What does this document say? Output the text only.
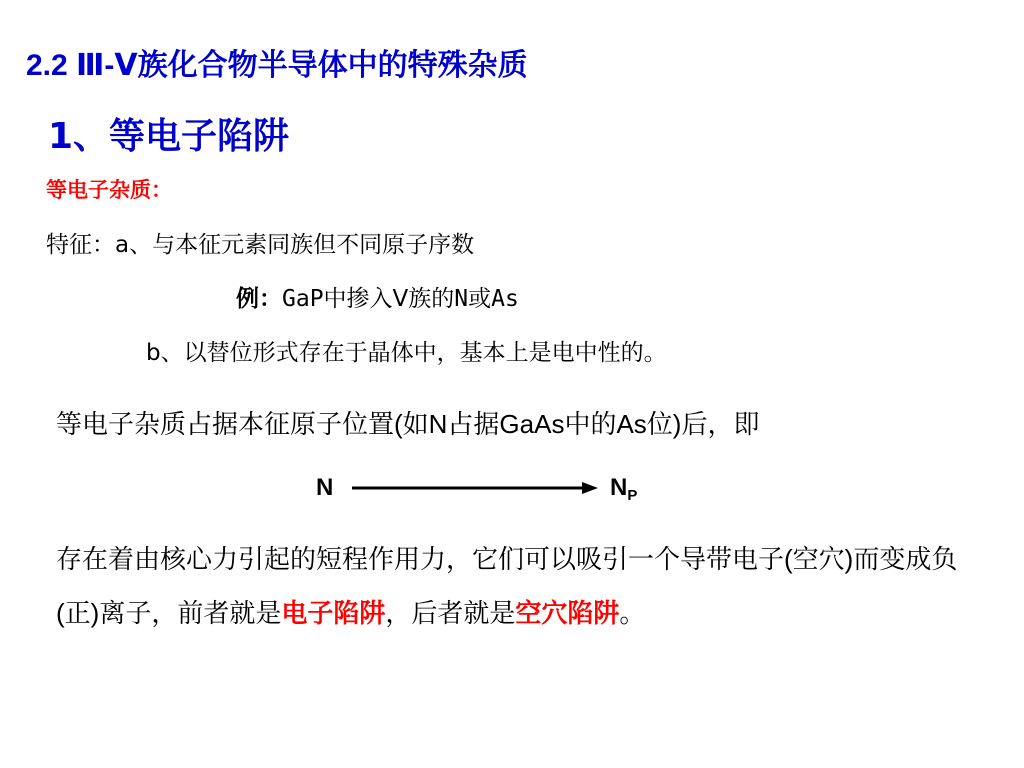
2.2 Ⅲ-Ⅴ族化合物半导体中的特殊杂质
1、等电子陷阱
等电子杂质：
特征：a、与本征元素同族但不同原子序数
例：GaP中掺入Ⅴ族的N或As
b、以替位形式存在于晶体中，基本上是电中性的。
等电子杂质占据本征原子位置(如N占据GaAs中的As位)后，即
N	$N_P$
存在着由核心力引起的短程作用力，它们可以吸引一个导带电子(空穴)而变成负(正)离子，前者就是电子陷阱，后者就是空穴陷阱。
